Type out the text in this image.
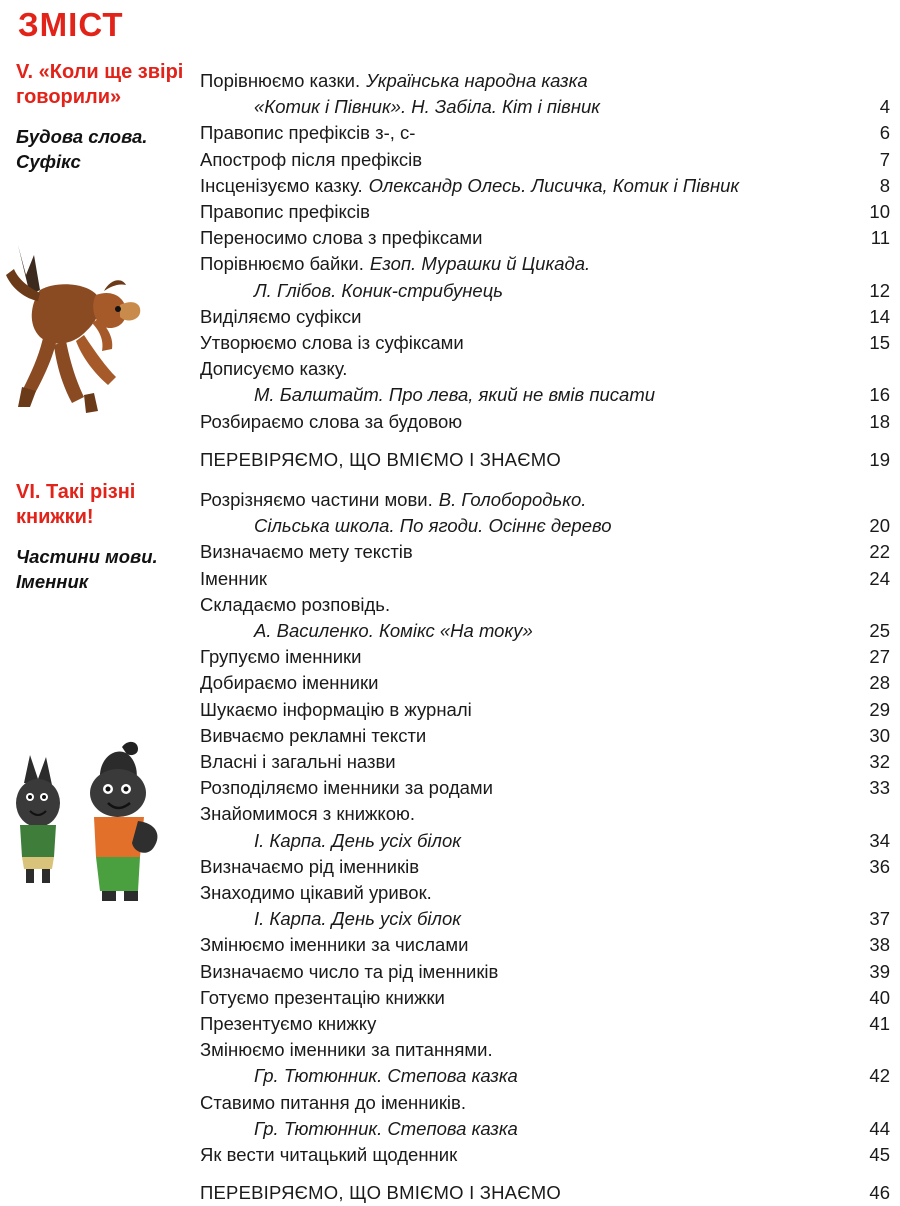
ЗМІСТ
V. «Коли ще звірі говорили»
Будова слова. Суфікс
Порівнюємо казки. Українська народна казка
«Котик і Півник». Н. Забіла. Кіт і півник – – –	4
Правопис префіксів з-, с- – – –	6
Апостроф після префіксів – – –	7
Інсценізуємо казку. Олександр Олесь. Лисичка, Котик і Півник – – –	8
Правопис префіксів – – –	10
Переносимо слова з префіксами – – –	11
Порівнюємо байки. Езоп. Мурашки й Цикада.
Л. Глібов. Коник-стрибунець – – –	12
Виділяємо суфікси – – –	14
Утворюємо слова із суфіксами – – –	15
Дописуємо казку.
М. Балштайт. Про лева, який не вмів писати – – –	16
Розбираємо слова за будовою – – –	18
ПЕРЕВІРЯЄМО, ЩО ВМІЄМО І ЗНАЄМО – – –	19
VI. Такі різні книжки!
Частини мови. Іменник
Розрізняємо частини мови. В. Голобородько.
Сільська школа. По ягоди. Осіннє дерево – – –	20
Визначаємо мету текстів – – –	22
Іменник – – –	24
Складаємо розповідь.
А. Василенко. Комікс «На току» – – –	25
Групуємо іменники – – –	27
Добираємо іменники – – –	28
Шукаємо інформацію в журналі – – –	29
Вивчаємо рекламні тексти – – –	30
Власні і загальні назви – – –	32
Розподіляємо іменники за родами – – –	33
Знайомимося з книжкою.
І. Карпа. День усіх білок – – –	34
Визначаємо рід іменників – – –	36
Знаходимо цікавий уривок.
І. Карпа. День усіх білок – – –	37
Змінюємо іменники за числами – – –	38
Визначаємо число та рід іменників – – –	39
Готуємо презентацію книжки – – –	40
Презентуємо книжку – – –	41
Змінюємо іменники за питаннями.
Гр. Тютюнник. Степова казка – – –	42
Ставимо питання до іменників.
Гр. Тютюнник. Степова казка – – –	44
Як вести читацький щоденник – – –	45
ПЕРЕВІРЯЄМО, ЩО ВМІЄМО І ЗНАЄМО – – –	46
